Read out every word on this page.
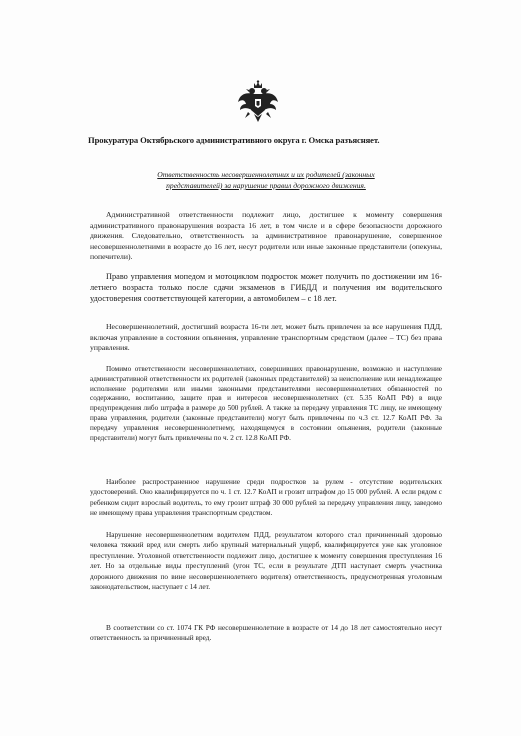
Прокуратура Октябрьского административного округа г. Омска разъясняет.
Ответственность несовершеннолетних и их родителей (законных
представителей) за нарушение правил дорожного движения.

Административной ответственности подлежит лицо, достигшее к моменту совершения административного правонарушения возраста 16 лет, в том числе и в сфере безопасности дорожного движения. Следовательно, ответственность за административное правонарушение, совершенное несовершеннолетними в возрасте до 16 лет, несут родители или иные законные представители (опекуны, попечители).

Право управления мопедом и мотоциклом подросток может получить по достижении им 16-летнего возраста только после сдачи экзаменов в ГИБДД и получения им водительского удостоверения соответствующей категории, а автомобилем – с 18 лет.

Несовершеннолетний, достигший возраста 16-ти лет, может быть привлечен за все нарушения ПДД, включая управление в состоянии опьянения, управление транспортным средством (далее – ТС) без права управления.

Помимо ответственности несовершеннолетних, совершивших правонарушение, возможно и наступление административной ответственности их родителей (законных представителей) за неисполнение или ненадлежащее исполнение родителями или иными законными представителями несовершеннолетних обязанностей по содержанию, воспитанию, защите прав и интересов несовершеннолетних (ст. 5.35 КоАП РФ) в виде предупреждения либо штрафа в размере до 500 рублей. А также за передачу управления ТС лицу, не имеющему права управления, родители (законные представители) могут быть привлечены по ч.3 ст. 12.7 КоАП РФ. За передачу управления несовершеннолетнему, находящемуся в состоянии опьянения, родители (законные представители) могут быть привлечены по ч. 2 ст. 12.8 КоАП РФ.

Наиболее распространенное нарушение среди подростков за рулем - отсутствие водительских удостоверений. Оно квалифицируется по ч. 1 ст. 12.7 КоАП и грозит штрафом до 15 000 рублей. А если рядом с ребенком сидит взрослый водитель, то ему грозит штраф 30 000 рублей за передачу управления лицу, заведомо не имеющему права управления транспортным средством.

Нарушение несовершеннолетним водителем ПДД, результатом которого стал причиненный здоровью человека тяжкий вред или смерть либо крупный материальный ущерб, квалифицируется уже как уголовное преступление. Уголовной ответственности подлежит лицо, достигшее к моменту совершения преступления 16 лет. Но за отдельные виды преступлений (угон ТС, если в результате ДТП наступает смерть участника дорожного движения по вине несовершеннолетнего водителя) ответственность, предусмотренная уголовным законодательством, наступает с 14 лет.

В соответствии со ст. 1074 ГК РФ несовершеннолетние в возрасте от 14 до 18 лет самостоятельно несут ответственность за причиненный вред.
